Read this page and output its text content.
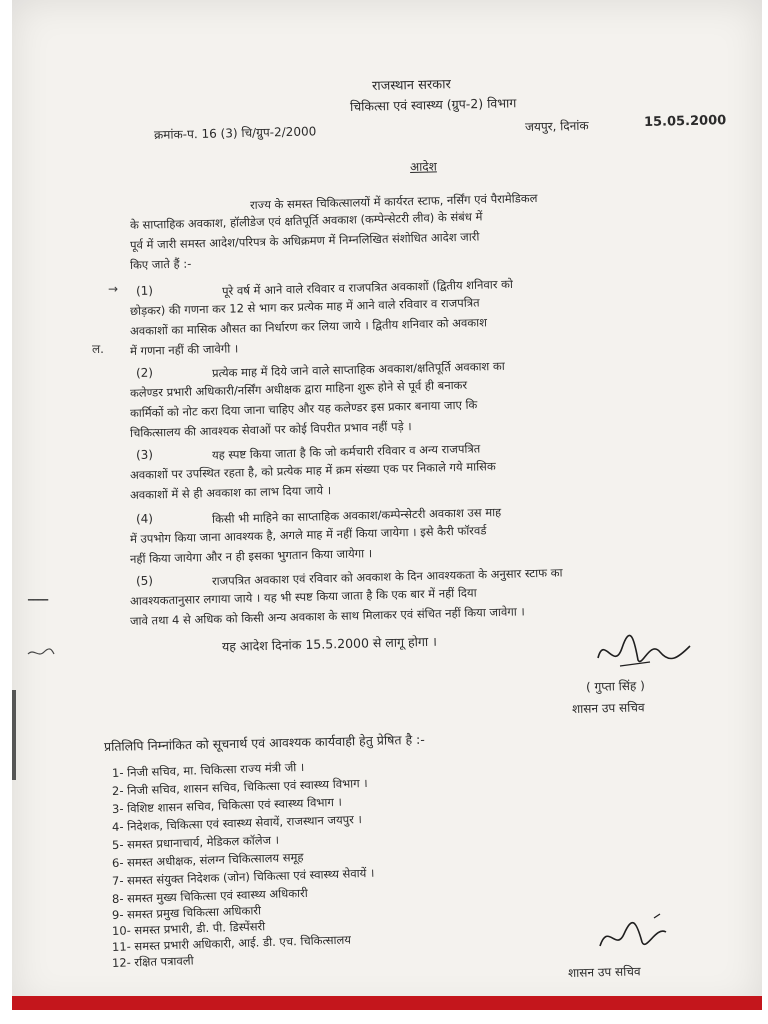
राजस्थान सरकार
चिकित्सा एवं स्वास्थ्य (ग्रुप-2) विभाग
क्रमांक-प. 16 (3) चि/ग्रुप-2/2000	जयपुर, दिनांक	15.05.2000
आदेश
राज्य के समस्त चिकित्सालयों में कार्यरत स्टाफ, नर्सिंग एवं पैरामेडिकल
के साप्ताहिक अवकाश, हॉलीडेज एवं क्षतिपूर्ति अवकाश (कम्पेन्सेटरी लीव) के संबंध में
पूर्व में जारी समस्त आदेश/परिपत्र के अधिक्रमण में निम्नलिखित संशोधित आदेश जारी
किए जाते हैं :-
(1)	पूरे वर्ष में आने वाले रविवार व राजपत्रित अवकाशों (द्वितीय शनिवार को
छोड़कर) की गणना कर 12 से भाग कर प्रत्येक माह में आने वाले रविवार व राजपत्रित
अवकाशों का मासिक औसत का निर्धारण कर लिया जाये । द्वितीय शनिवार को अवकाश
में गणना नहीं की जावेगी ।
(2)	प्रत्येक माह में दिये जाने वाले साप्ताहिक अवकाश/क्षतिपूर्ति अवकाश का
कलेण्डर प्रभारी अधिकारी/नर्सिंग अधीक्षक द्वारा माहिना शुरू होने से पूर्व ही बनाकर
कार्मिकों को नोट करा दिया जाना चाहिए और यह कलेण्डर इस प्रकार बनाया जाए कि
चिकित्सालय की आवश्यक सेवाओं पर कोई विपरीत प्रभाव नहीं पड़े ।
(3)	यह स्पष्ट किया जाता है कि जो कर्मचारी रविवार व अन्य राजपत्रित
अवकाशों पर उपस्थित रहता है, को प्रत्येक माह में क्रम संख्या एक पर निकाले गये मासिक
अवकाशों में से ही अवकाश का लाभ दिया जाये ।
(4)	किसी भी माहिने का साप्ताहिक अवकाश/कम्पेन्सेटरी अवकाश उस माह
में उपभोग किया जाना आवश्यक है, अगले माह में नहीं किया जायेगा । इसे कैरी फॉरवर्ड
नहीं किया जायेगा और न ही इसका भुगतान किया जायेगा ।
(5)	राजपत्रित अवकाश एवं रविवार को अवकाश के दिन आवश्यकता के अनुसार स्टाफ का
आवश्यकतानुसार लगाया जाये । यह भी स्पष्ट किया जाता है कि एक बार में नहीं दिया
जावे तथा 4 से अधिक को किसी अन्य अवकाश के साथ मिलाकर एवं संचित नहीं किया जावेगा ।
यह आदेश दिनांक 15.5.2000 से लागू होगा ।
→
ल.
━━━━
( गुप्ता सिंह )
शासन उप सचिव
प्रतिलिपि निम्नांकित को सूचनार्थ एवं आवश्यक कार्यवाही हेतु प्रेषित है :-
1- निजी सचिव, मा. चिकित्सा राज्य मंत्री जी ।
2- निजी सचिव, शासन सचिव, चिकित्सा एवं स्वास्थ्य विभाग ।
3- विशिष्ट शासन सचिव, चिकित्सा एवं स्वास्थ्य विभाग ।
4- निदेशक, चिकित्सा एवं स्वास्थ्य सेवायें, राजस्थान जयपुर ।
5- समस्त प्रधानाचार्य, मेडिकल कॉलेज ।
6- समस्त अधीक्षक, संलग्न चिकित्सालय समूह
7- समस्त संयुक्त निदेशक (जोन) चिकित्सा एवं स्वास्थ्य सेवायें ।
8- समस्त मुख्य चिकित्सा एवं स्वास्थ्य अधिकारी
9- समस्त प्रमुख चिकित्सा अधिकारी
10- समस्त प्रभारी, डी. पी. डिस्पेंसरी
11- समस्त प्रभारी अधिकारी, आई. डी. एच. चिकित्सालय
12- रक्षित पत्रावली
शासन उप सचिव
